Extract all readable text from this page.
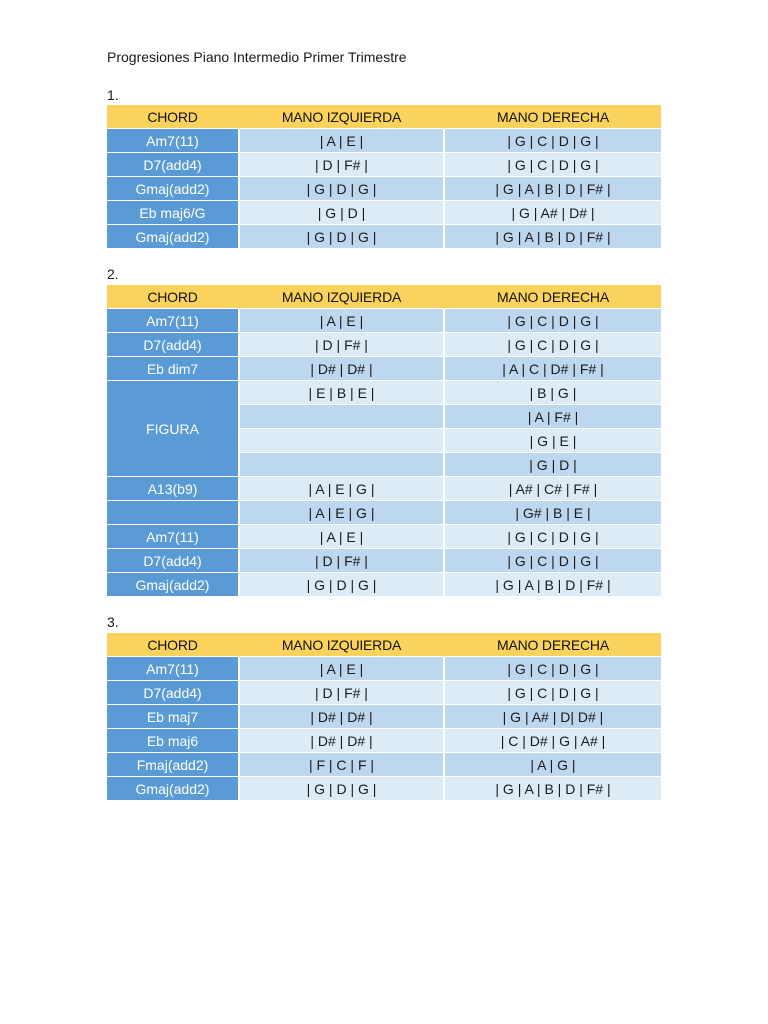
Progresiones Piano Intermedio Primer Trimestre
1.
CHORD	MANO IZQUIERDA	MANO DERECHA
Am7(11)	| A | E |	| G | C | D | G |
D7(add4)	| D | F# |	| G | C | D | G |
Gmaj(add2)	| G | D | G |	| G | A | B | D | F# |
Eb maj6/G	| G | D |	| G | A# | D# |
Gmaj(add2)	| G | D | G |	| G | A | B | D | F# |
2.
CHORD	MANO IZQUIERDA	MANO DERECHA
Am7(11)	| A | E |	| G | C | D | G |
D7(add4)	| D | F# |	| G | C | D | G |
Eb dim7	| D# | D# |	| A | C | D# | F# |
FIGURA	| E | B | E |	| B | G |
		| A | F# |
		| G | E |
		| G | D |
A13(b9)	| A | E | G |	| A# | C# | F# |
	| A | E | G |	| G# | B | E |
Am7(11)	| A | E |	| G | C | D | G |
D7(add4)	| D | F# |	| G | C | D | G |
Gmaj(add2)	| G | D | G |	| G | A | B | D | F# |
3.
CHORD	MANO IZQUIERDA	MANO DERECHA
Am7(11)	| A | E |	| G | C | D | G |
D7(add4)	| D | F# |	| G | C | D | G |
Eb maj7	| D# | D# |	| G | A# | D| D# |
Eb maj6	| D# | D# |	| C | D# | G | A# |
Fmaj(add2)	| F | C | F |	| A | G |
Gmaj(add2)	| G | D | G |	| G | A | B | D | F# |
